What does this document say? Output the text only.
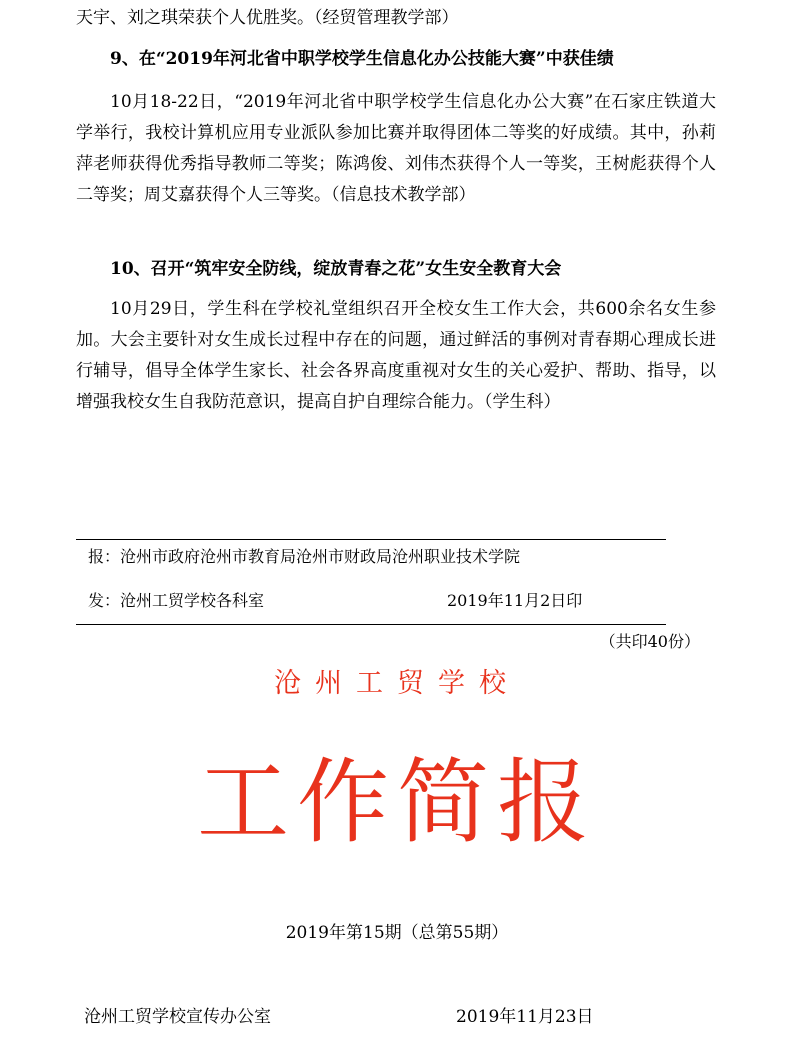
天宇、刘之琪荣获个人优胜奖。（经贸管理教学部）

9、在“2019年河北省中职学校学生信息化办公技能大赛”中获佳绩

10月18-22日，“2019年河北省中职学校学生信息化办公大赛”在石家庄铁道大学举行，我校计算机应用专业派队参加比赛并取得团体二等奖的好成绩。其中，孙莉萍老师获得优秀指导教师二等奖；陈鸿俊、刘伟杰获得个人一等奖，王树彪获得个人二等奖；周艾嘉获得个人三等奖。（信息技术教学部）

10、召开“筑牢安全防线，绽放青春之花”女生安全教育大会

10月29日，学生科在学校礼堂组织召开全校女生工作大会，共600余名女生参加。大会主要针对女生成长过程中存在的问题，通过鲜活的事例对青春期心理成长进行辅导，倡导全体学生家长、社会各界高度重视对女生的关心爱护、帮助、指导，以增强我校女生自我防范意识，提高自护自理综合能力。（学生科）

报：沧州市政府沧州市教育局沧州市财政局沧州职业技术学院
发：沧州工贸学校各科室	2019年11月2日印
（共印40份）
沧州工贸学校
工作简报
2019年第15期（总第55期）
沧州工贸学校宣传办公室	2019年11月23日
